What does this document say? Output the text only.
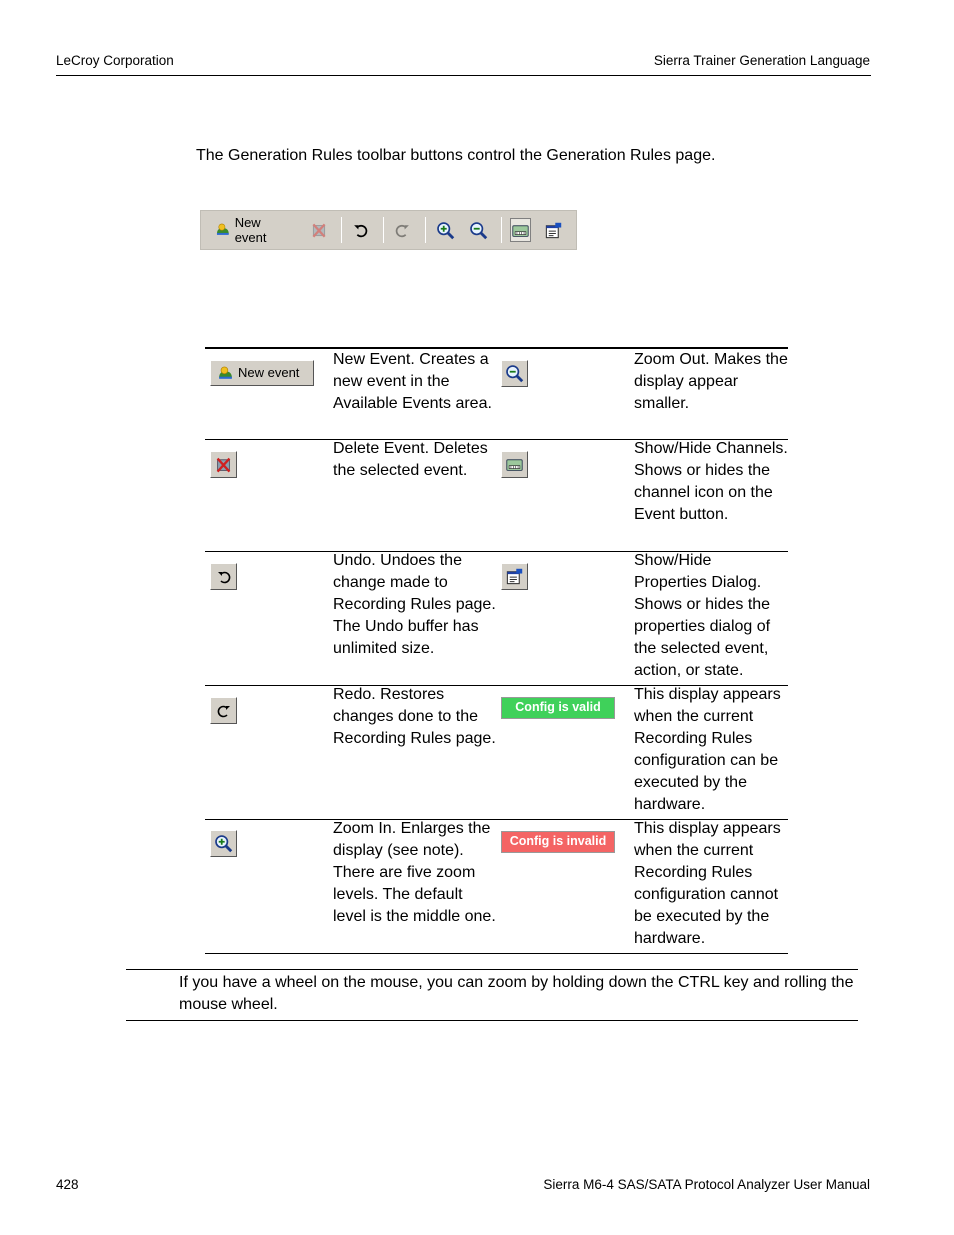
LeCroy Corporation	Sierra Trainer Generation Language

The Generation Rules toolbar buttons control the Generation Rules page.

New event
New event
New Event. Creates a new event in the Available Events area.
Zoom Out. Makes the display appear smaller.
Delete Event. Deletes the selected event.
Show/Hide Channels. Shows or hides the channel icon on the Event button.
Undo. Undoes the change made to Recording Rules page. The Undo buffer has unlimited size.
Show/Hide Properties Dialog. Shows or hides the properties dialog of the selected event, action, or state.
Redo. Restores changes done to the Recording Rules page.
Config is valid
This display appears when the current Recording Rules configuration can be executed by the hardware.
Zoom In. Enlarges the display (see note). There are five zoom levels. The default level is the middle one.
Config is invalid
This display appears when the current Recording Rules configuration cannot be executed by the hardware.

If you have a wheel on the mouse, you can zoom by holding down the CTRL key and rolling the mouse wheel.

428	Sierra M6-4 SAS/SATA Protocol Analyzer User Manual
